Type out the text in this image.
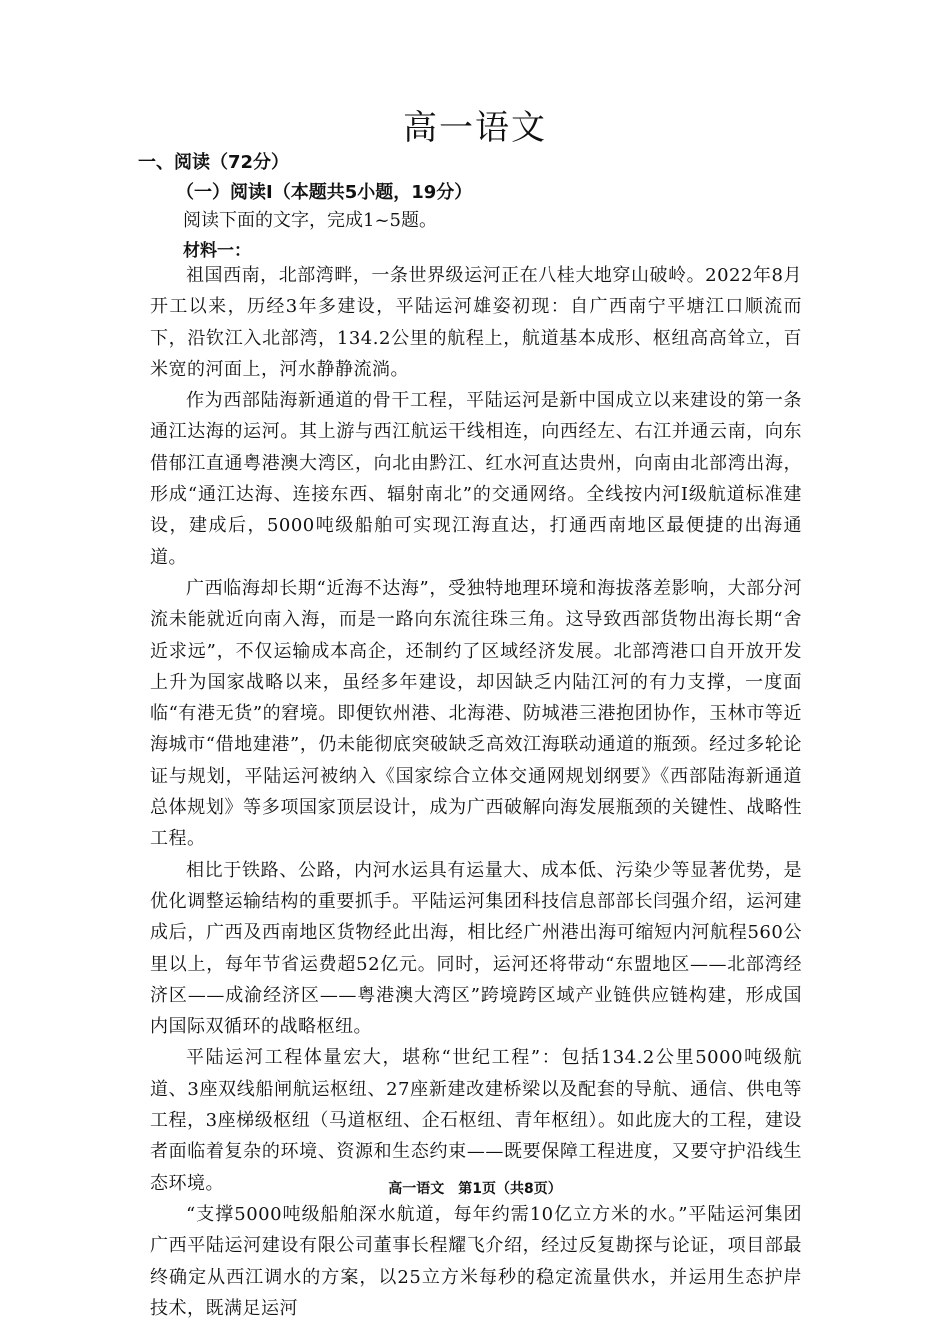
高一语文
一、阅读（72分）
（一）阅读Ⅰ（本题共5小题，19分）
阅读下面的文字，完成1~5题。
材料一：

祖国西南，北部湾畔，一条世界级运河正在八桂大地穿山破岭。2022年8月开工以来，历经3年多建设，平陆运河雄姿初现：自广西南宁平塘江口顺流而下，沿钦江入北部湾，134.2公里的航程上，航道基本成形、枢纽高高耸立，百米宽的河面上，河水静静流淌。

作为西部陆海新通道的骨干工程，平陆运河是新中国成立以来建设的第一条通江达海的运河。其上游与西江航运干线相连，向西经左、右江并通云南，向东借郁江直通粤港澳大湾区，向北由黔江、红水河直达贵州，向南由北部湾出海，形成“通江达海、连接东西、辐射南北”的交通网络。全线按内河Ⅰ级航道标准建设，建成后，5000吨级船舶可实现江海直达，打通西南地区最便捷的出海通道。

广西临海却长期“近海不达海”，受独特地理环境和海拔落差影响，大部分河流未能就近向南入海，而是一路向东流往珠三角。这导致西部货物出海长期“舍近求远”，不仅运输成本高企，还制约了区域经济发展。北部湾港口自开放开发上升为国家战略以来，虽经多年建设，却因缺乏内陆江河的有力支撑，一度面临“有港无货”的窘境。即便钦州港、北海港、防城港三港抱团协作，玉林市等近海城市“借地建港”，仍未能彻底突破缺乏高效江海联动通道的瓶颈。经过多轮论证与规划，平陆运河被纳入《国家综合立体交通网规划纲要》《西部陆海新通道总体规划》等多项国家顶层设计，成为广西破解向海发展瓶颈的关键性、战略性工程。

相比于铁路、公路，内河水运具有运量大、成本低、污染少等显著优势，是优化调整运输结构的重要抓手。平陆运河集团科技信息部部长闫强介绍，运河建成后，广西及西南地区货物经此出海，相比经广州港出海可缩短内河航程560公里以上，每年节省运费超52亿元。同时，运河还将带动“东盟地区——北部湾经济区——成渝经济区——粤港澳大湾区”跨境跨区域产业链供应链构建，形成国内国际双循环的战略枢纽。

平陆运河工程体量宏大，堪称“世纪工程”：包括134.2公里5000吨级航道、3座双线船闸航运枢纽、27座新建改建桥梁以及配套的导航、通信、供电等工程，3座梯级枢纽（马道枢纽、企石枢纽、青年枢纽）。如此庞大的工程，建设者面临着复杂的环境、资源和生态约束——既要保障工程进度，又要守护沿线生态环境。

“支撑5000吨级船舶深水航道，每年约需10亿立方米的水。”平陆运河集团广西平陆运河建设有限公司董事长程耀飞介绍，经过反复勘探与论证，项目部最终确定从西江调水的方案，以25立方米每秒的稳定流量供水，并运用生态护岸技术，既满足运河

高一语文　第1页（共8页）
